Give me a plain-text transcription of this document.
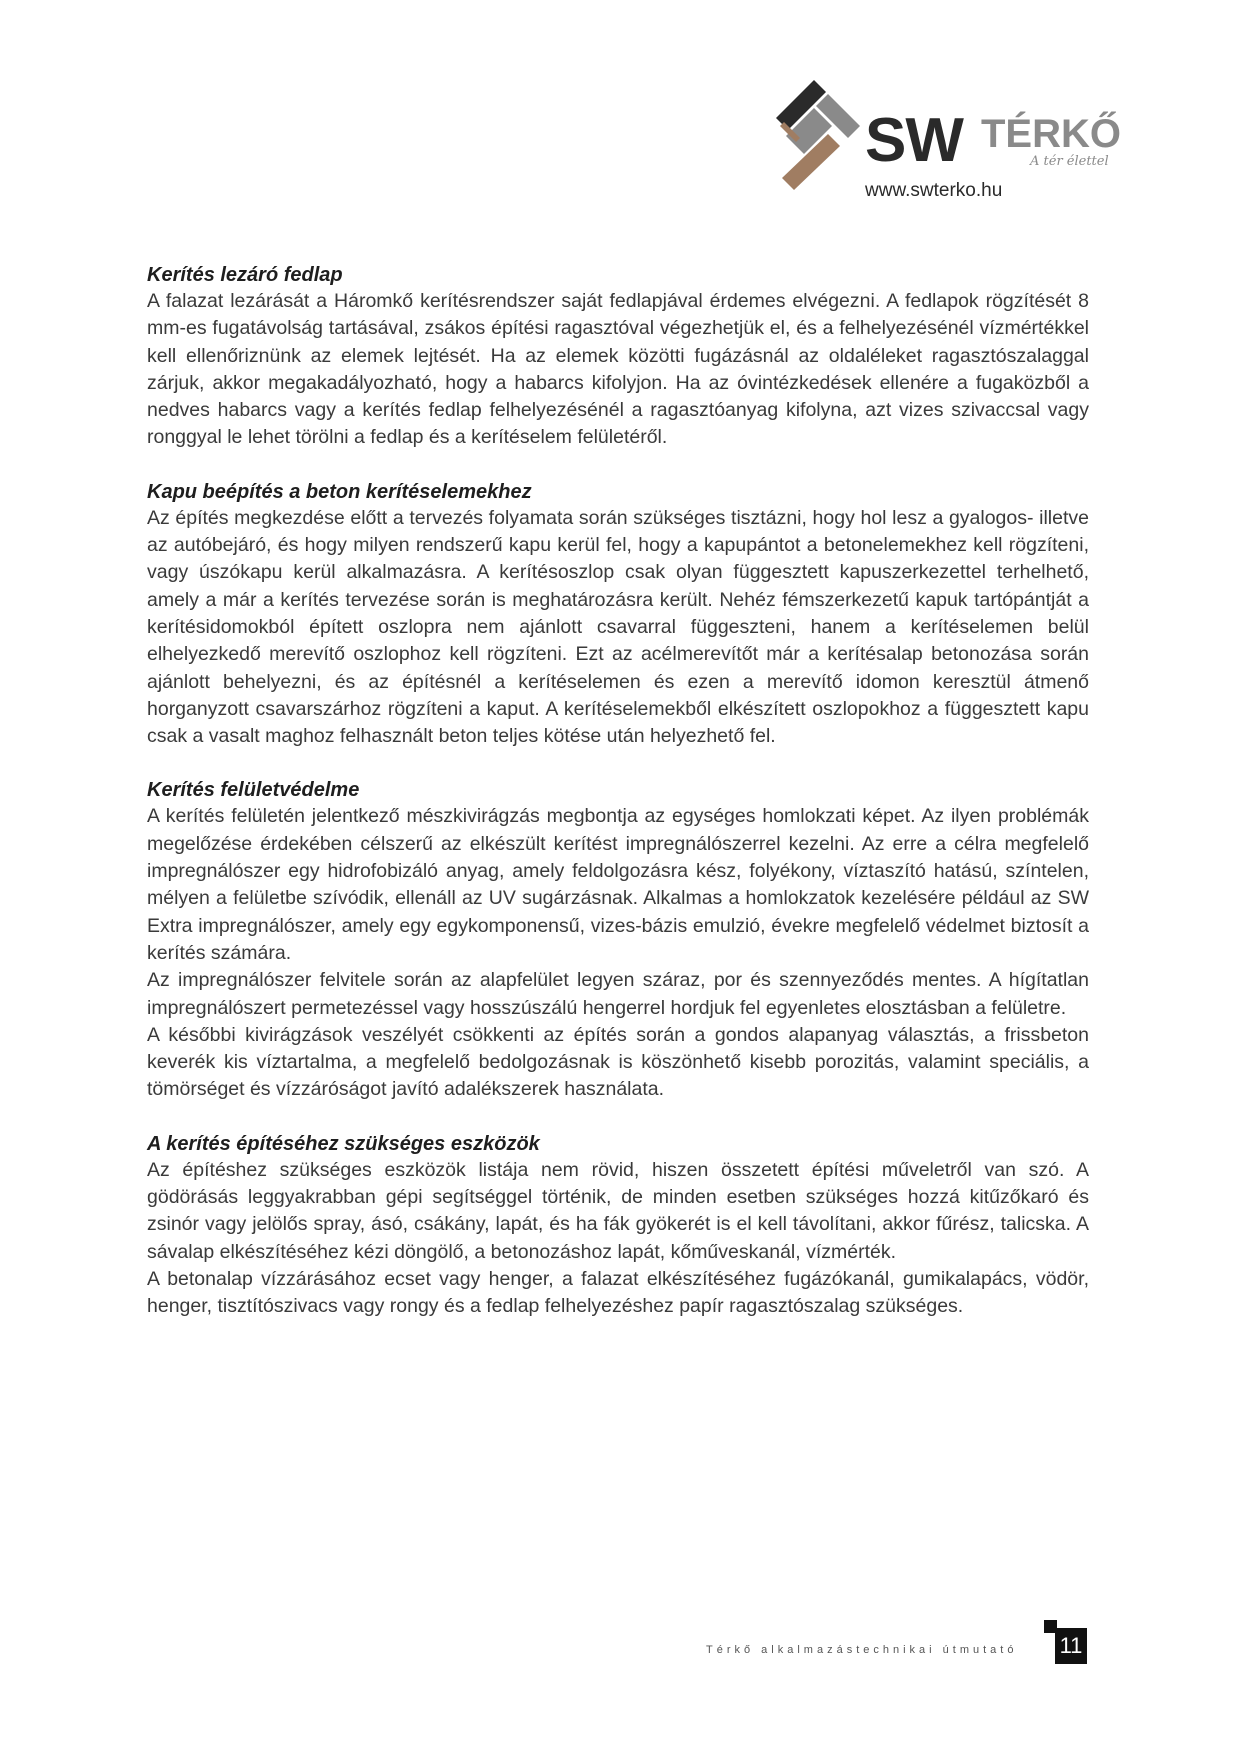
SW TÉRKŐ
A tér élettel
www.swterko.hu
Kerítés lezáró fedlap

A falazat lezárását a Háromkő kerítésrendszer saját fedlapjával érdemes elvégezni. A fedlapok rögzítését 8 mm-es fugatávolság tartásával, zsákos építési ragasztóval végezhetjük el, és a felhelyezésénél vízmértékkel kell ellenőriznünk az elemek lejtését. Ha az elemek közötti fugázásnál az oldaléleket ragasztószalaggal zárjuk, akkor megakadályozható, hogy a habarcs kifolyjon. Ha az óvintézkedések ellenére a fugaközből a nedves habarcs vagy a kerítés fedlap felhelyezésénél a ragasztóanyag kifolyna, azt vizes szivaccsal vagy ronggyal le lehet törölni a fedlap és a kerítéselem felületéről.

Kapu beépítés a beton kerítéselemekhez

Az építés megkezdése előtt a tervezés folyamata során szükséges tisztázni, hogy hol lesz a gyalogos- illetve az autóbejáró, és hogy milyen rendszerű kapu kerül fel, hogy a kapupántot a betonelemekhez kell rögzíteni, vagy úszókapu kerül alkalmazásra. A kerítésoszlop csak olyan függesztett kapuszerkezettel terhelhető, amely a már a kerítés tervezése során is meghatározásra került. Nehéz fémszerkezetű kapuk tartópántját a kerítésidomokból épített oszlopra nem ajánlott csavarral függeszteni, hanem a kerítéselemen belül elhelyezkedő merevítő oszlophoz kell rögzíteni. Ezt az acélmerevítőt már a kerítésalap betonozása során ajánlott behelyezni, és az építésnél a kerítéselemen és ezen a merevítő idomon keresztül átmenő horganyzott csavarszárhoz rögzíteni a kaput. A kerítéselemekből elkészített oszlopokhoz a függesztett kapu csak a vasalt maghoz felhasznált beton teljes kötése után helyezhető fel.

Kerítés felületvédelme

A kerítés felületén jelentkező mészkivirágzás megbontja az egységes homlokzati képet. Az ilyen problémák megelőzése érdekében célszerű az elkészült kerítést impregnálószerrel kezelni. Az erre a célra megfelelő impregnálószer egy hidrofobizáló anyag, amely feldolgozásra kész, folyékony, víztaszító hatású, színtelen, mélyen a felületbe szívódik, ellenáll az UV sugárzásnak. Alkalmas a homlokzatok kezelésére például az SW Extra impregnálószer, amely egy egykomponensű, vizes-bázis emulzió, évekre megfelelő védelmet biztosít a kerítés számára.

Az impregnálószer felvitele során az alapfelület legyen száraz, por és szennyeződés mentes. A hígítatlan impregnálószert permetezéssel vagy hosszúszálú hengerrel hordjuk fel egyenletes elosztásban a felületre.

A későbbi kivirágzások veszélyét csökkenti az építés során a gondos alapanyag választás, a frissbeton keverék kis víztartalma, a megfelelő bedolgozásnak is köszönhető kisebb porozitás, valamint speciális, a tömörséget és vízzáróságot javító adalékszerek használata.

A kerítés építéséhez szükséges eszközök

Az építéshez szükséges eszközök listája nem rövid, hiszen összetett építési műveletről van szó. A gödörásás leggyakrabban gépi segítséggel történik, de minden esetben szükséges hozzá kitűzőkaró és zsinór vagy jelölős spray, ásó, csákány, lapát, és ha fák gyökerét is el kell távolítani, akkor fűrész, talicska. A sávalap elkészítéséhez kézi döngölő, a betonozáshoz lapát, kőműveskanál, vízmérték.

A betonalap vízzárásához ecset vagy henger, a falazat elkészítéséhez fugázókanál, gumikalapács, vödör, henger, tisztítószivacs vagy rongy és a fedlap felhelyezéshez papír ragasztószalag szükséges.

Térkő alkalmazástechnikai útmutató 11
